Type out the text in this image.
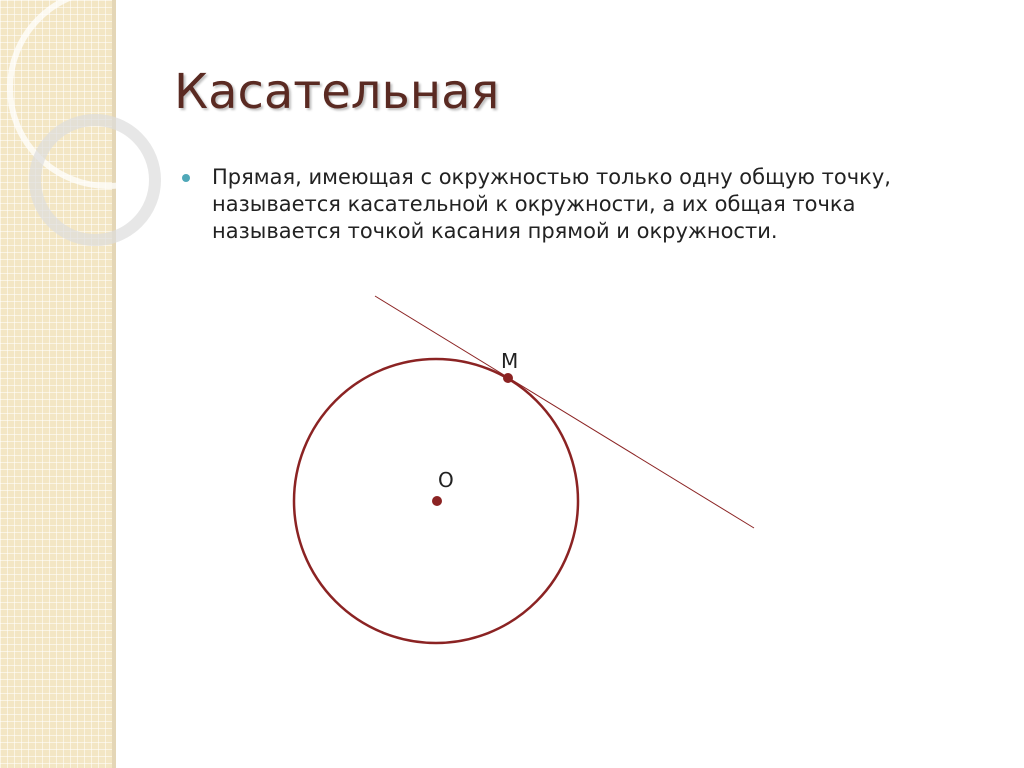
Касательная
Прямая, имеющая с окружностью только одну общую точку, называется касательной к окружности, а их общая точка называется точкой касания прямой и окружности.
М
O
